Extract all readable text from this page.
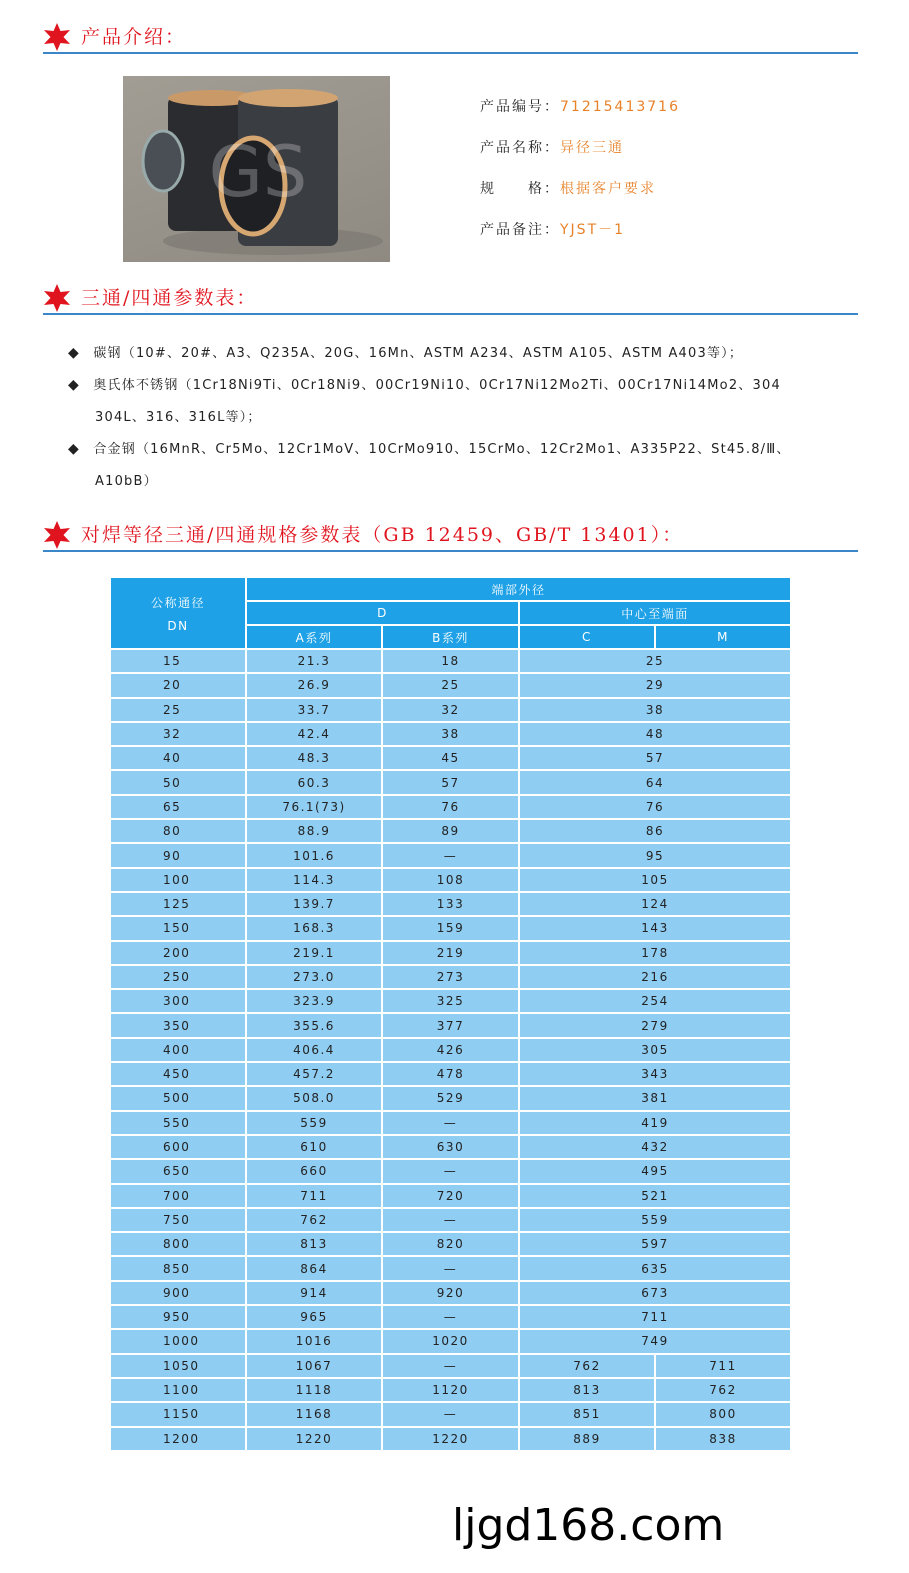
产品介绍：
GS
产品编号：71215413716
产品名称：异径三通
规　　格：根据客户要求
产品备注：YJST－1
三通/四通参数表：
◆ 碳钢（10#、20#、A3、Q235A、20G、16Mn、ASTM A234、ASTM A105、ASTM A403等）；
◆ 奥氏体不锈钢（1Cr18Ni9Ti、0Cr18Ni9、00Cr19Ni10、0Cr17Ni12Mo2Ti、00Cr17Ni14Mo2、304
304L、316、316L等）；
◆ 合金钢（16MnR、Cr5Mo、12Cr1MoV、10CrMo910、15CrMo、12Cr2Mo1、A335P22、St45.8/Ⅲ、
A10bB）
对焊等径三通/四通规格参数表（GB 12459、GB/T 13401）：
公称通径
DN	端部外径			
	D		中心至端面	
	A系列	B系列	C	M
15	21.3	18	25	
20	26.9	25	29	
25	33.7	32	38	
32	42.4	38	48	
40	48.3	45	57	
50	60.3	57	64	
65	76.1(73)	76	76	
80	88.9	89	86	
90	101.6	—	95	
100	114.3	108	105	
125	139.7	133	124	
150	168.3	159	143	
200	219.1	219	178	
250	273.0	273	216	
300	323.9	325	254	
350	355.6	377	279	
400	406.4	426	305	
450	457.2	478	343	
500	508.0	529	381	
550	559	—	419	
600	610	630	432	
650	660	—	495	
700	711	720	521	
750	762	—	559	
800	813	820	597	
850	864	—	635	
900	914	920	673	
950	965	—	711	
1000	1016	1020	749	
1050	1067	—	762	711
1100	1118	1120	813	762
1150	1168	—	851	800
1200	1220	1220	889	838
ljgd168.com
